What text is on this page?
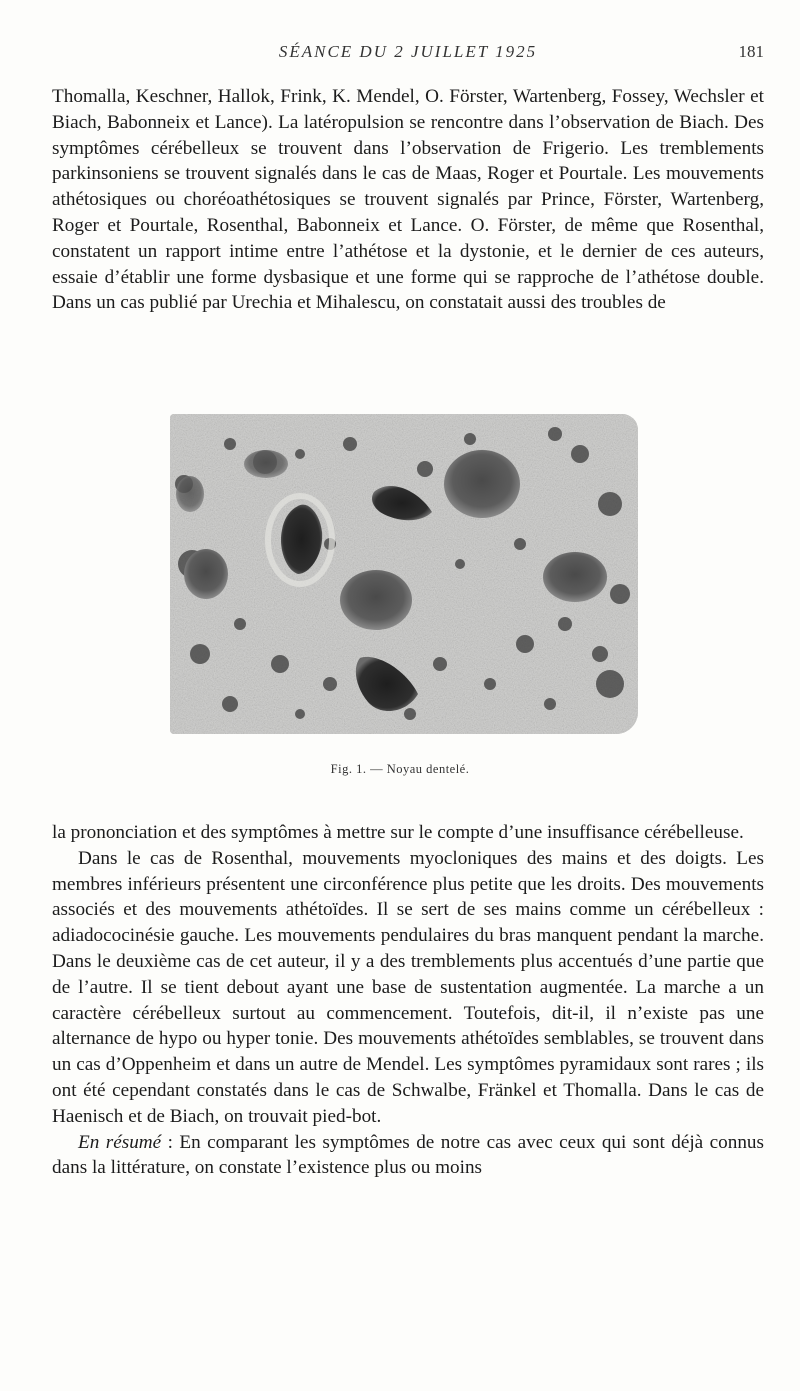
SÉANCE DU 2 JUILLET 1925	181

Thomalla, Keschner, Hallok, Frink, K. Mendel, O. Förster, Wartenberg, Fossey, Wechsler et Biach, Babonneix et Lance). La latéropulsion se rencontre dans l’observation de Biach. Des symptômes cérébelleux se trouvent dans l’observation de Frigerio. Les tremblements parkinsoniens se trouvent signalés dans le cas de Maas, Roger et Pourtale. Les mouvements athétosiques ou choréoathétosiques se trouvent signalés par Prince, Förster, Wartenberg, Roger et Pourtale, Rosenthal, Babonneix et Lance. O. Förster, de même que Rosenthal, constatent un rapport intime entre l’athétose et la dystonie, et le dernier de ces auteurs, essaie d’établir une forme dysbasique et une forme qui se rapproche de l’athétose double. Dans un cas publié par Urechia et Mihalescu, on constatait aussi des troubles de

Fig. 1. — Noyau dentelé.

la prononciation et des symptômes à mettre sur le compte d’une insuffisance cérébelleuse.

Dans le cas de Rosenthal, mouvements myocloniques des mains et des doigts. Les membres inférieurs présentent une circonférence plus petite que les droits. Des mouvements associés et des mouvements athétoïdes. Il se sert de ses mains comme un cérébelleux : adiadococinésie gauche. Les mouvements pendulaires du bras manquent pendant la marche. Dans le deuxième cas de cet auteur, il y a des tremblements plus accentués d’une partie que de l’autre. Il se tient debout ayant une base de sustentation augmentée. La marche a un caractère cérébelleux surtout au commencement. Toutefois, dit-il, il n’existe pas une alternance de hypo ou hyper tonie. Des mouvements athétoïdes semblables, se trouvent dans un cas d’Oppenheim et dans un autre de Mendel. Les symptômes pyramidaux sont rares ; ils ont été cependant constatés dans le cas de Schwalbe, Fränkel et Thomalla. Dans le cas de Haenisch et de Biach, on trouvait pied-bot.

En résumé : En comparant les symptômes de notre cas avec ceux qui sont déjà connus dans la littérature, on constate l’existence plus ou moins
